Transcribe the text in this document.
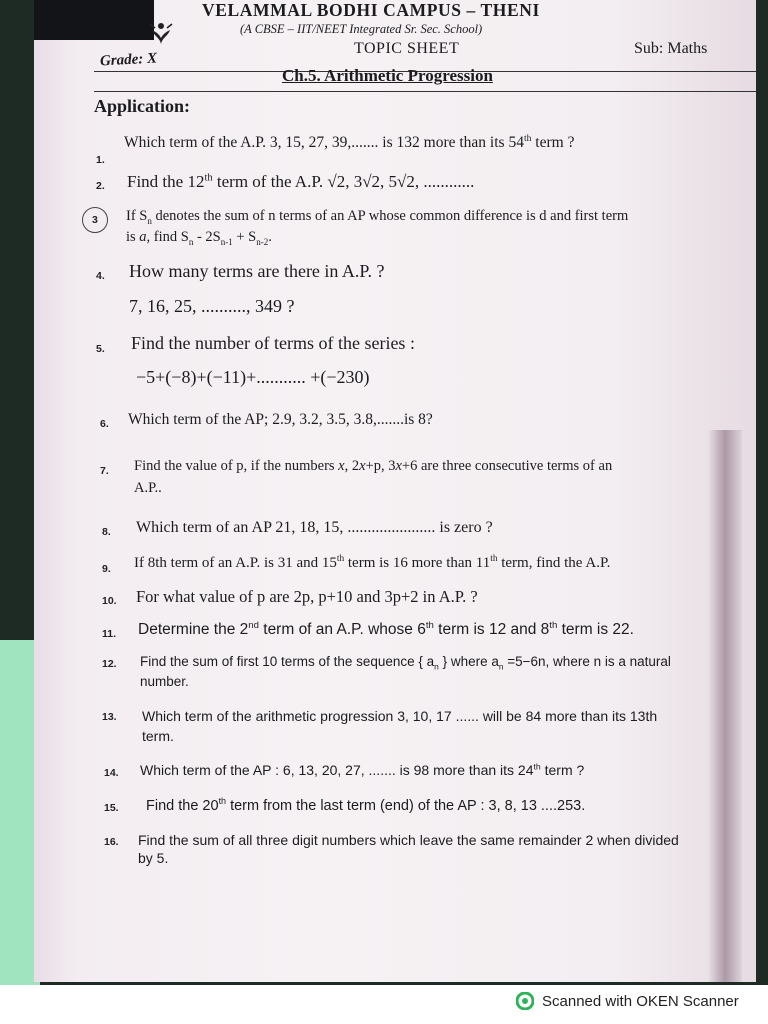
VELAMMAL BODHI CAMPUS – THENI
(A CBSE – IIT/NEET Integrated Sr. Sec. School)
TOPIC SHEET
Grade: X
Sub: Maths
Ch.5. Arithmetic Progression
Application:
1.
Which term of the A.P. 3, 15, 27, 39,....... is 132 more than its 54th term ?
2. Find the 12th term of the A.P. √2, 3√2, 5√2, ............
3 If $S_n$ denotes the sum of n terms of an AP whose common difference is d and first term
is a, find $S_n - 2S_{n-1} + S_{n-2}$.
4. How many terms are there in A.P. ?
7, 16, 25, .........., 349 ?
5. Find the number of terms of the series :
−5+(−8)+(−11)+........... +(−230)
6. Which term of the AP; 2.9, 3.2, 3.5, 3.8,.......is 8?
7. Find the value of p, if the numbers x, 2x+p, 3x+6 are three consecutive terms of an
A.P..
8. Which term of an AP 21, 18, 15, ...................... is zero ?
9. If 8th term of an A.P. is 31 and 15th term is 16 more than 11th term, find the A.P.
10. For what value of p are 2p, p+10 and 3p+2 in A.P. ?
11. Determine the 2nd term of an A.P. whose 6th term is 12 and 8th term is 22.
12. Find the sum of first 10 terms of the sequence { $a_n$ } where $a_n =5-6n$, where n is a natural
number.
13. Which term of the arithmetic progression 3, 10, 17 ...... will be 84 more than its 13th
term.
14. Which term of the AP : 6, 13, 20, 27, ....... is 98 more than its 24th term ?
15. Find the 20th term from the last term (end) of the AP : 3, 8, 13 ....253.
16. Find the sum of all three digit numbers which leave the same remainder 2 when divided
by 5.
Scanned with OKEN Scanner
